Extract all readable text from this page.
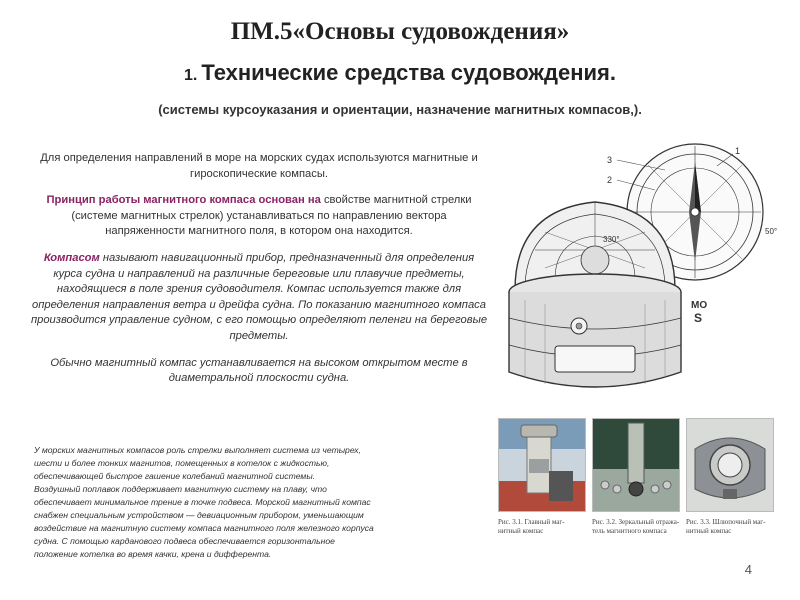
ПМ.5«Основы судовождения»
1. Технические средства судовождения.
(системы курсоуказания и ориентации, назначение магнитных компасов,).

Для определения направлений в море на морских судах используются магнитные и гироскопические компасы.

Принцип работы магнитного компаса основан на свойстве магнитной стрелки (системе магнитных стрелок) устанавливаться по направлению вектора напряженности магнитного поля, в котором она находится.

Компасом называют навигационный прибор, предназначенный для определения курса судна и направлений на различные береговые или плавучие предметы, находящиеся в поле зрения судоводителя. Компас используется также для определения направления ветра и дрейфа судна. По показанию магнитного компаса производится управление судном, с его помощью определяют пеленги на береговые предметы.

Обычно магнитный компас устанавливается на высоком открытом месте в диаметральной плоскости судна.

У морских магнитных компасов роль стрелки выполняет система из четырех,

шести и более тонких магнитов, помещенных в котелок с жидкостью,

обеспечивающей быстрое гашение колебаний магнитной системы.

Воздушный поплавок поддерживает магнитную систему на плаву, что

обеспечивает минимальное трение в точке подвеса. Морской магнитный компас

снабжен специальным устройством — девиационным прибором, уменьшающим

воздействие на магнитную систему компаса магнитного поля железного корпуса

судна. С помощью карданового подвеса обеспечивается горизонтальное

положение котелка во время качки, крена и дифферента.

3
2
1
50°
330°
ΜΟ
S
Рис. 3.1. Главный маг-нитный компас
Рис. 3.2. Зеркальный отража-тель магнитного компаса
Рис. 3.3. Шлюпочный маг-нитный компас
4
